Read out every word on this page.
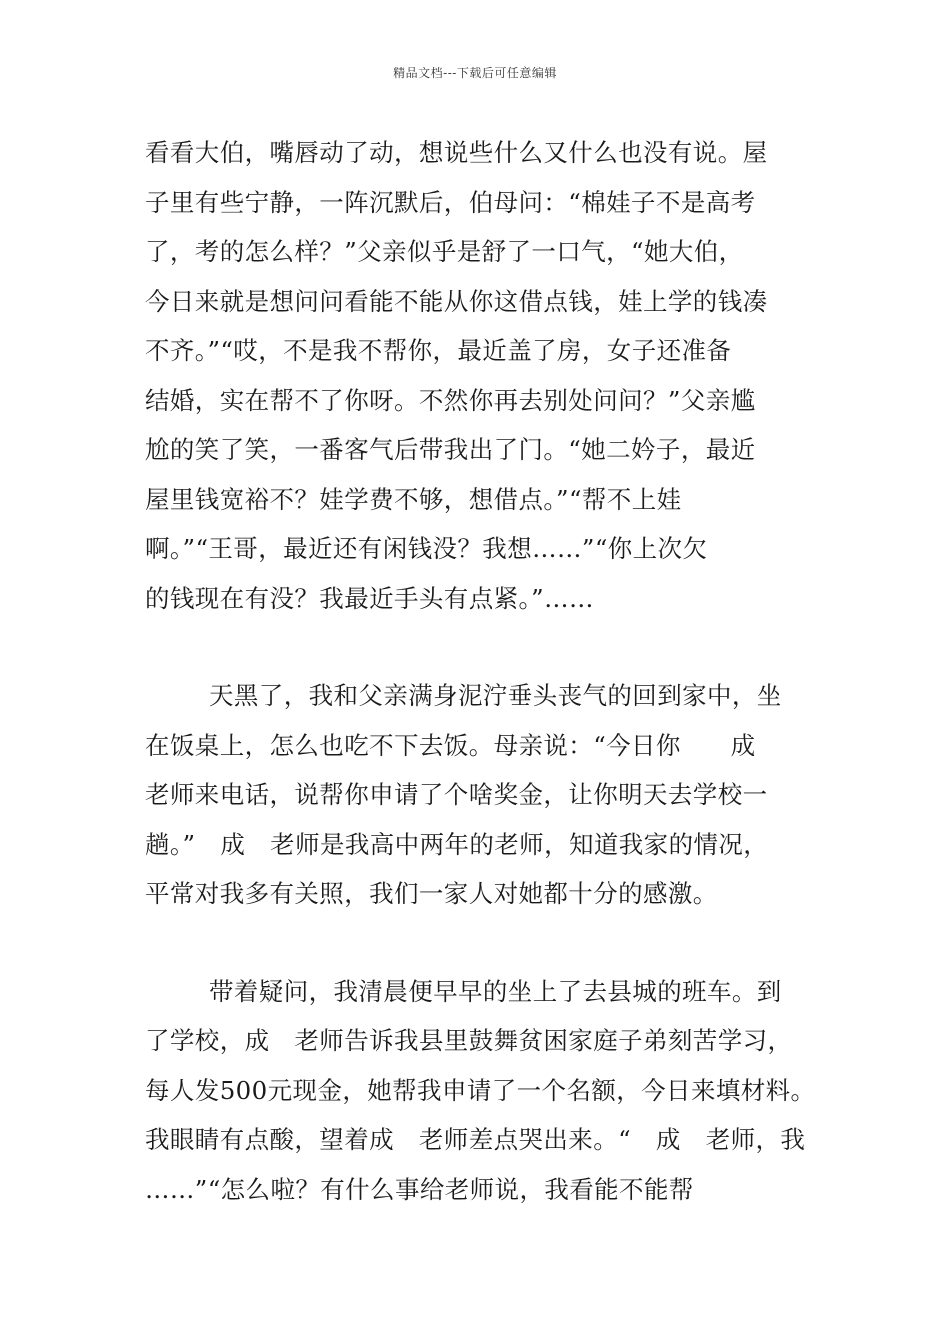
精品文档---下载后可任意编辑
看看大伯，嘴唇动了动，想说些什么又什么也没有说。屋
子里有些宁静，一阵沉默后，伯母问：“棉娃子不是高考
了，考的怎么样？”父亲似乎是舒了一口气，“她大伯，
今日来就是想问问看能不能从你这借点钱，娃上学的钱凑
不齐。”“哎，不是我不帮你，最近盖了房，女子还准备
结婚，实在帮不了你呀。不然你再去别处问问？”父亲尴
尬的笑了笑，一番客气后带我出了门。“她二妗子，最近
屋里钱宽裕不？娃学费不够，想借点。”“帮不上娃
啊。”“王哥，最近还有闲钱没？我想……”“你上次欠
的钱现在有没？我最近手头有点紧。”……
天黑了，我和父亲满身泥泞垂头丧气的回到家中，坐
在饭桌上，怎么也吃不下去饭。母亲说：“今日你　　成
老师来电话，说帮你申请了个啥奖金，让你明天去学校一
趟。”　成　老师是我高中两年的老师，知道我家的情况，
平常对我多有关照，我们一家人对她都十分的感激。
带着疑问，我清晨便早早的坐上了去县城的班车。到
了学校，成　老师告诉我县里鼓舞贫困家庭子弟刻苦学习，
每人发500元现金，她帮我申请了一个名额，今日来填材料。
我眼睛有点酸，望着成　老师差点哭出来。“　成　老师，我
……”“怎么啦？有什么事给老师说，我看能不能帮
